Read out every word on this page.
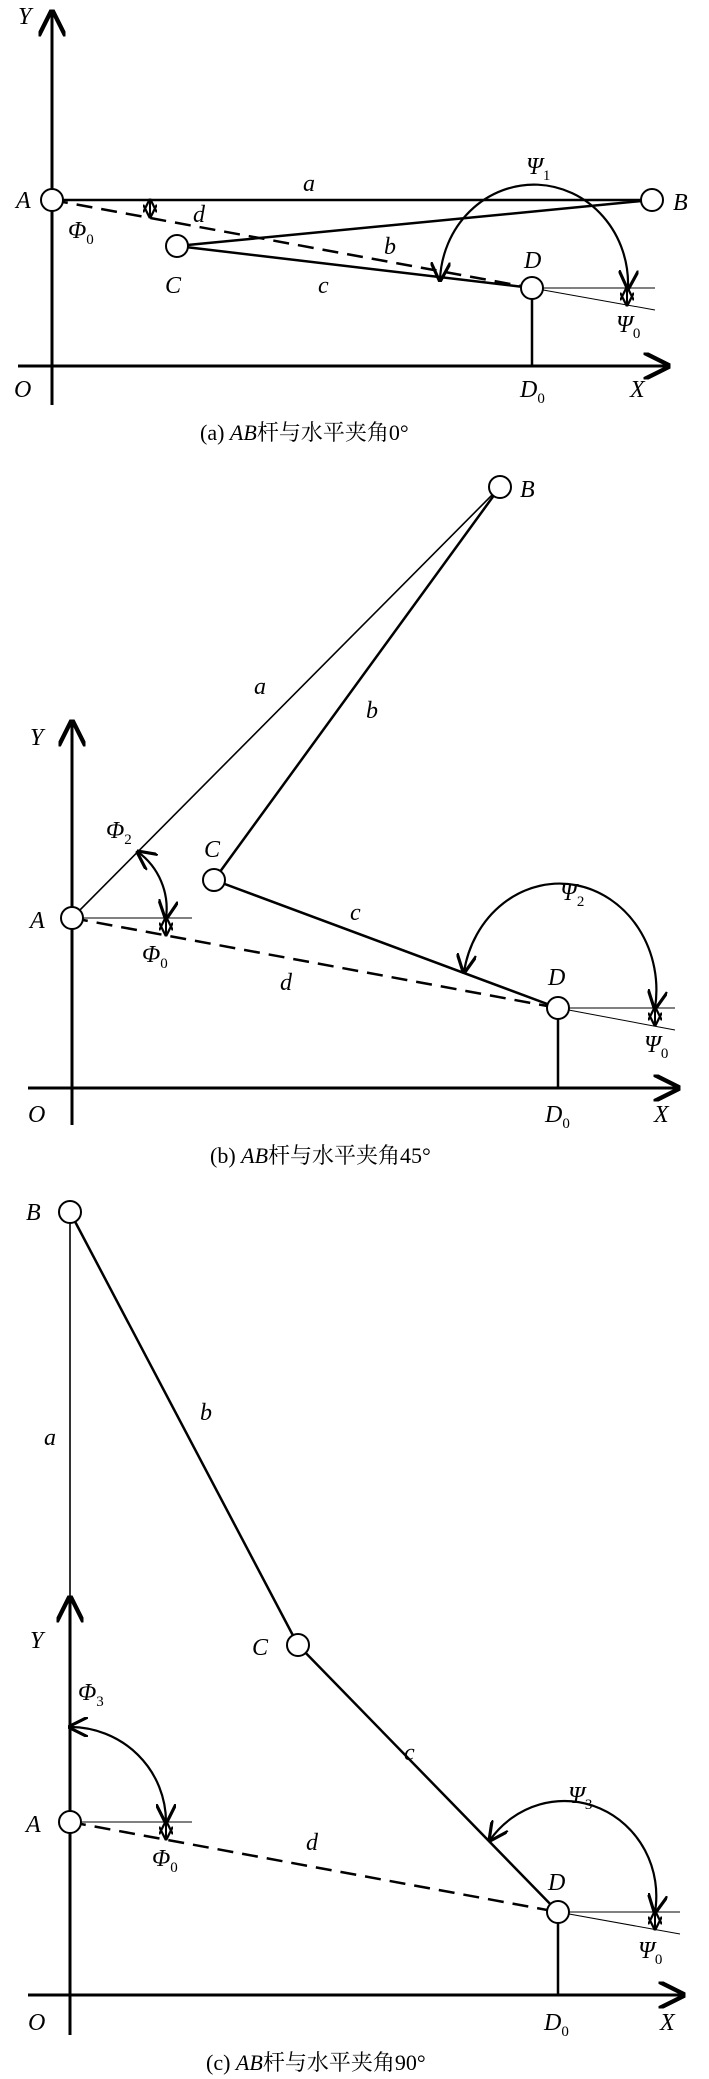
Y
X
O
A	B
C
D
$D_0$
a
b
c
d
$\Phi_0$
$\Psi_1$
$\Psi_0$
(a) AB杆与水平夹角0°
Y
X
O
A
B
C
D
$D_0$
a
b
c
d
$\Phi_2$
$\Phi_0$
$\Psi_2$
$\Psi_0$
(b) AB杆与水平夹角45°
Y
X
O
A
B
C
D
$D_0$
a
b
c
d
$\Phi_3$
$\Phi_0$
$\Psi_3$
$\Psi_0$
(c) AB杆与水平夹角90°
